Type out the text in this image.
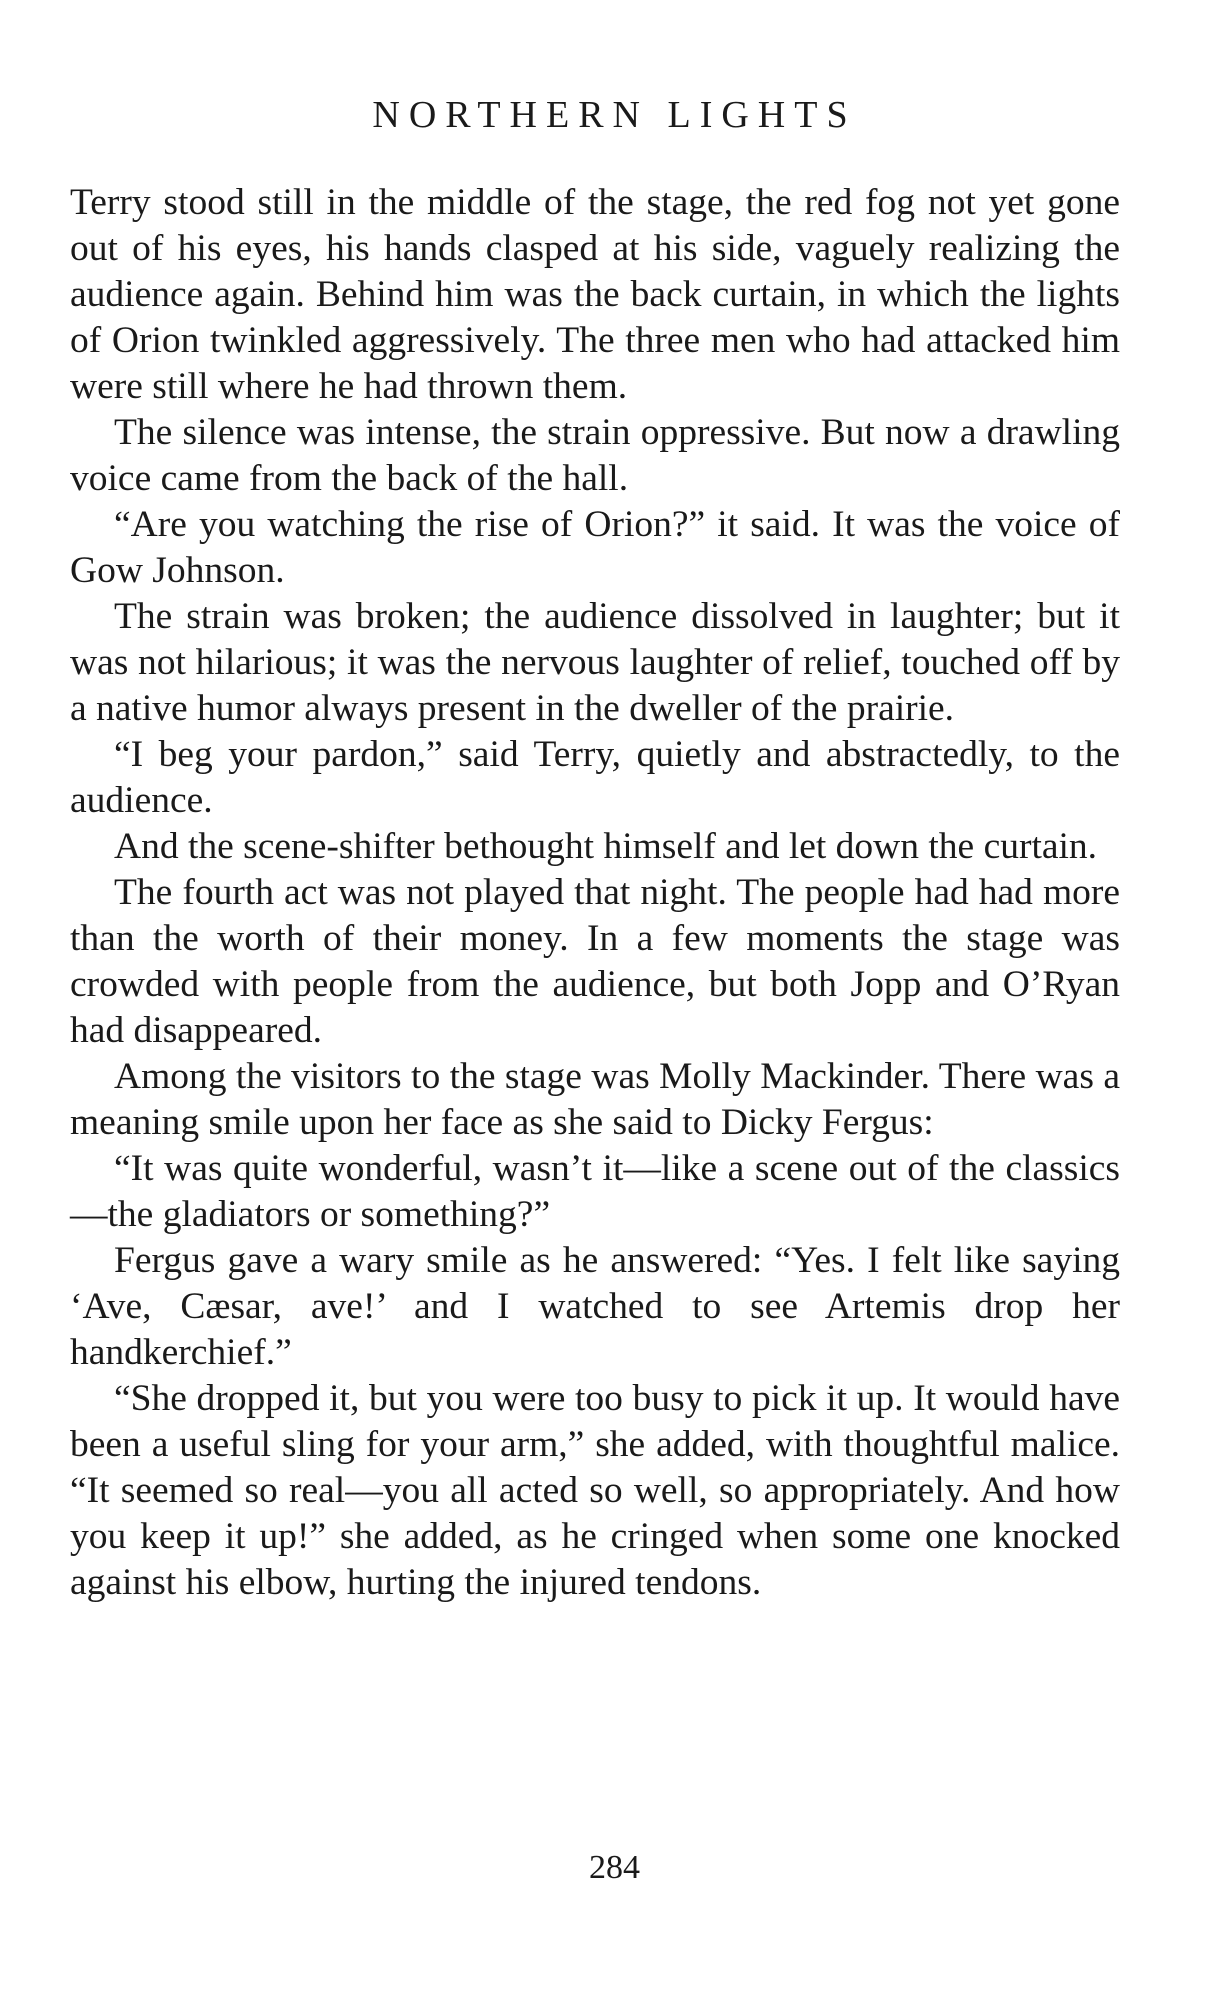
NORTHERN LIGHTS

Terry stood still in the middle of the stage, the red fog not yet gone out of his eyes, his hands clasped at his side, vaguely realizing the audience again. Behind him was the back curtain, in which the lights of Orion twinkled aggressively. The three men who had attacked him were still where he had thrown them.

The silence was intense, the strain oppressive. But now a drawling voice came from the back of the hall.

“Are you watching the rise of Orion?” it said. It was the voice of Gow Johnson.

The strain was broken; the audience dissolved in laughter; but it was not hilarious; it was the nervous laughter of relief, touched off by a native humor always present in the dweller of the prairie.

“I beg your pardon,” said Terry, quietly and abstractedly, to the audience.

And the scene-shifter bethought himself and let down the curtain.

The fourth act was not played that night. The people had had more than the worth of their money. In a few moments the stage was crowded with people from the audience, but both Jopp and O’Ryan had disappeared.

Among the visitors to the stage was Molly Mackinder. There was a meaning smile upon her face as she said to Dicky Fergus:

“It was quite wonderful, wasn’t it—like a scene out of the classics—the gladiators or something?”

Fergus gave a wary smile as he answered: “Yes. I felt like saying ‘Ave, Cæsar, ave!’ and I watched to see Artemis drop her handkerchief.”

“She dropped it, but you were too busy to pick it up. It would have been a useful sling for your arm,” she added, with thoughtful malice. “It seemed so real—you all acted so well, so appropriately. And how you keep it up!” she added, as he cringed when some one knocked against his elbow, hurting the injured tendons.

284
